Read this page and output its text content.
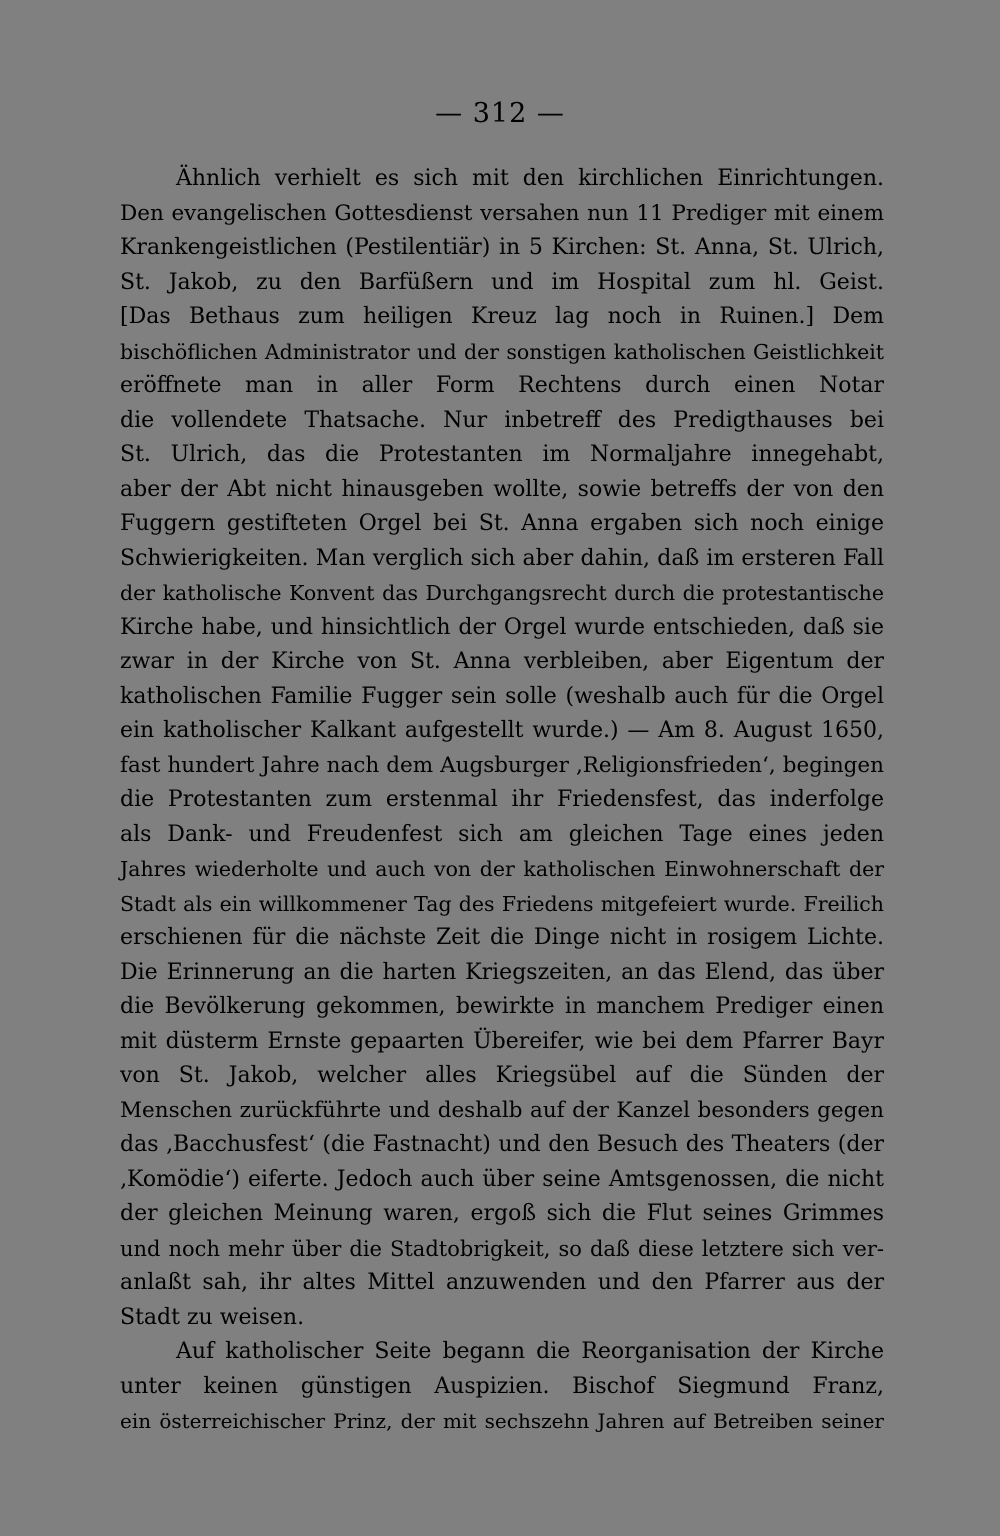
— 312 —
Ähnlich verhielt es sich mit den kirchlichen Einrichtungen.
Den evangelischen Gottesdienst versahen nun 11 Prediger mit einem
Krankengeistlichen (Pestilentiär) in 5 Kirchen: St. Anna, St. Ulrich,
St. Jakob, zu den Barfüßern und im Hospital zum hl. Geist.
[Das Bethaus zum heiligen Kreuz lag noch in Ruinen.] Dem
bischöflichen Administrator und der sonstigen katholischen Geistlichkeit
eröffnete man in aller Form Rechtens durch einen Notar
die vollendete Thatsache. Nur inbetreff des Predigthauses bei
St. Ulrich, das die Protestanten im Normaljahre innegehabt,
aber der Abt nicht hinausgeben wollte, sowie betreffs der von den
Fuggern gestifteten Orgel bei St. Anna ergaben sich noch einige
Schwierigkeiten. Man verglich sich aber dahin, daß im ersteren Fall
der katholische Konvent das Durchgangsrecht durch die protestantische
Kirche habe, und hinsichtlich der Orgel wurde entschieden, daß sie
zwar in der Kirche von St. Anna verbleiben, aber Eigentum der
katholischen Familie Fugger sein solle (weshalb auch für die Orgel
ein katholischer Kalkant aufgestellt wurde.) — Am 8. August 1650,
fast hundert Jahre nach dem Augsburger ‚Religionsfrieden‘, begingen
die Protestanten zum erstenmal ihr Friedensfest, das inderfolge
als Dank- und Freudenfest sich am gleichen Tage eines jeden
Jahres wiederholte und auch von der katholischen Einwohnerschaft der
Stadt als ein willkommener Tag des Friedens mitgefeiert wurde. Freilich
erschienen für die nächste Zeit die Dinge nicht in rosigem Lichte.
Die Erinnerung an die harten Kriegszeiten, an das Elend, das über
die Bevölkerung gekommen, bewirkte in manchem Prediger einen
mit düsterm Ernste gepaarten Übereifer, wie bei dem Pfarrer Bayr
von St. Jakob, welcher alles Kriegsübel auf die Sünden der
Menschen zurückführte und deshalb auf der Kanzel besonders gegen
das ‚Bacchusfest‘ (die Fastnacht) und den Besuch des Theaters (der
‚Komödie‘) eiferte. Jedoch auch über seine Amtsgenossen, die nicht
der gleichen Meinung waren, ergoß sich die Flut seines Grimmes
und noch mehr über die Stadtobrigkeit, so daß diese letztere sich ver-
anlaßt sah, ihr altes Mittel anzuwenden und den Pfarrer aus der
Stadt zu weisen.
Auf katholischer Seite begann die Reorganisation der Kirche
unter keinen günstigen Auspizien. Bischof Siegmund Franz,
ein österreichischer Prinz, der mit sechszehn Jahren auf Betreiben seiner
